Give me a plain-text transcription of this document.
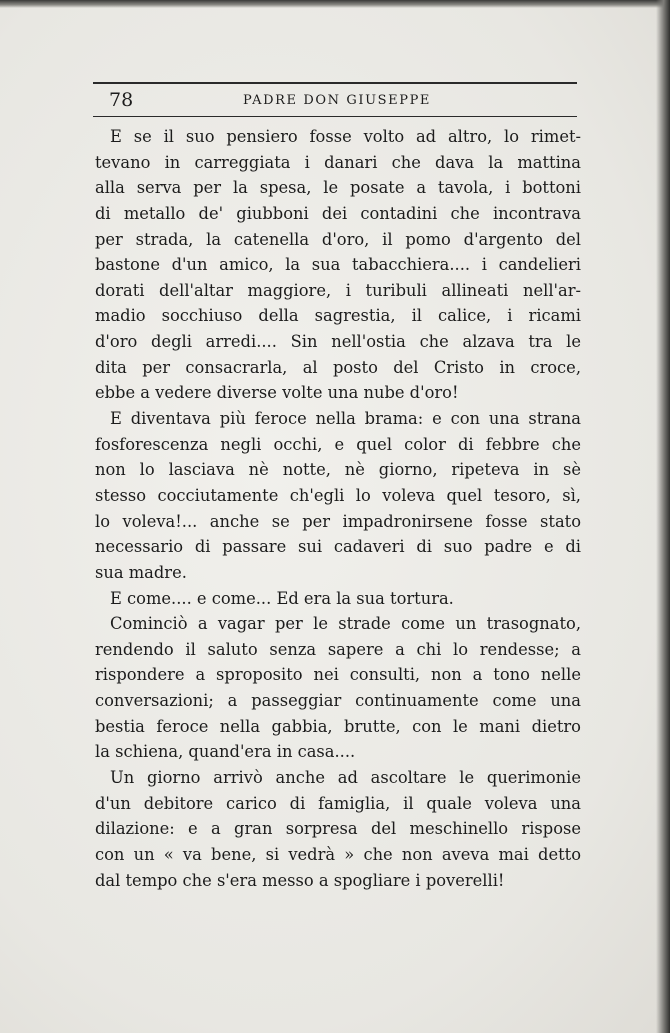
78	PADRE DON GIUSEPPE
E se il suo pensiero fosse volto ad altro, lo rimet-
tevano in carreggiata i danari che dava la mattina
alla serva per la spesa, le posate a tavola, i bottoni
di metallo de' giubboni dei contadini che incontrava
per strada, la catenella d'oro, il pomo d'argento del
bastone d'un amico, la sua tabacchiera.... i candelieri
dorati dell'altar maggiore, i turibuli allineati nell'ar-
madio socchiuso della sagrestia, il calice, i ricami
d'oro degli arredi.... Sin nell'ostia che alzava tra le
dita per consacrarla, al posto del Cristo in croce,
ebbe a vedere diverse volte una nube d'oro!
E diventava più feroce nella brama: e con una strana
fosforescenza negli occhi, e quel color di febbre che
non lo lasciava nè notte, nè giorno, ripeteva in sè
stesso cocciutamente ch'egli lo voleva quel tesoro, sì,
lo voleva!... anche se per impadronirsene fosse stato
necessario di passare sui cadaveri di suo padre e di
sua madre.
E come.... e come... Ed era la sua tortura.
Cominciò a vagar per le strade come un trasognato,
rendendo il saluto senza sapere a chi lo rendesse; a
rispondere a sproposito nei consulti, non a tono nelle
conversazioni; a passeggiar continuamente come una
bestia feroce nella gabbia, brutte, con le mani dietro
la schiena, quand'era in casa....
Un giorno arrivò anche ad ascoltare le querimonie
d'un debitore carico di famiglia, il quale voleva una
dilazione: e a gran sorpresa del meschinello rispose
con un « va bene, si vedrà » che non aveva mai detto
dal tempo che s'era messo a spogliare i poverelli!
